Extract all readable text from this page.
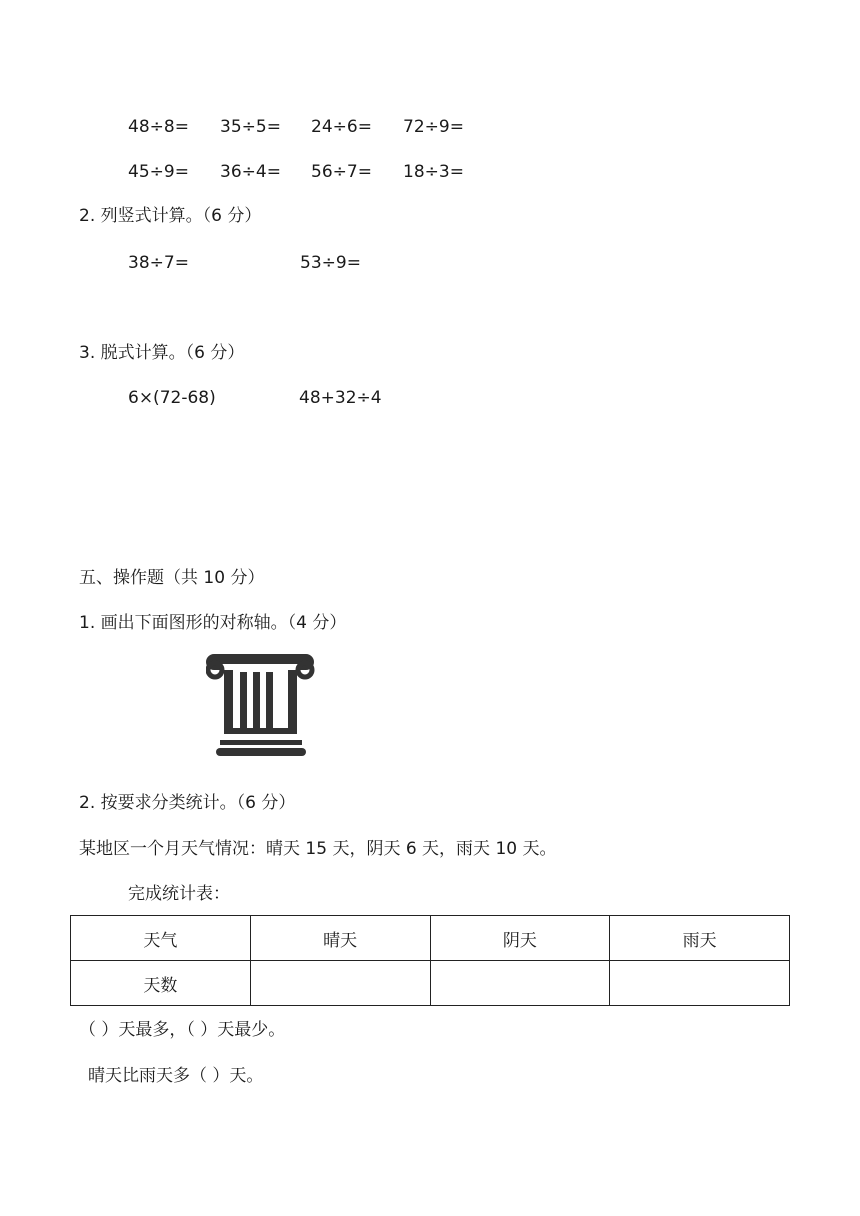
48÷8= 35÷5= 24÷6= 72÷9=
45÷9= 36÷4= 56÷7= 18÷3=
2. 列竖式计算。（6 分）
38÷7=	53÷9=
3. 脱式计算。（6 分）
6×(72-68)	48+32÷4
五、操作题（共 10 分）
1. 画出下面图形的对称轴。（4 分）
2. 按要求分类统计。（6 分）
某地区一个月天气情况：晴天 15 天，阴天 6 天，雨天 10 天。
完成统计表：
天气	晴天	阴天	雨天
天数			
（ ）天最多，（ ）天最少。
晴天比雨天多（ ）天。
